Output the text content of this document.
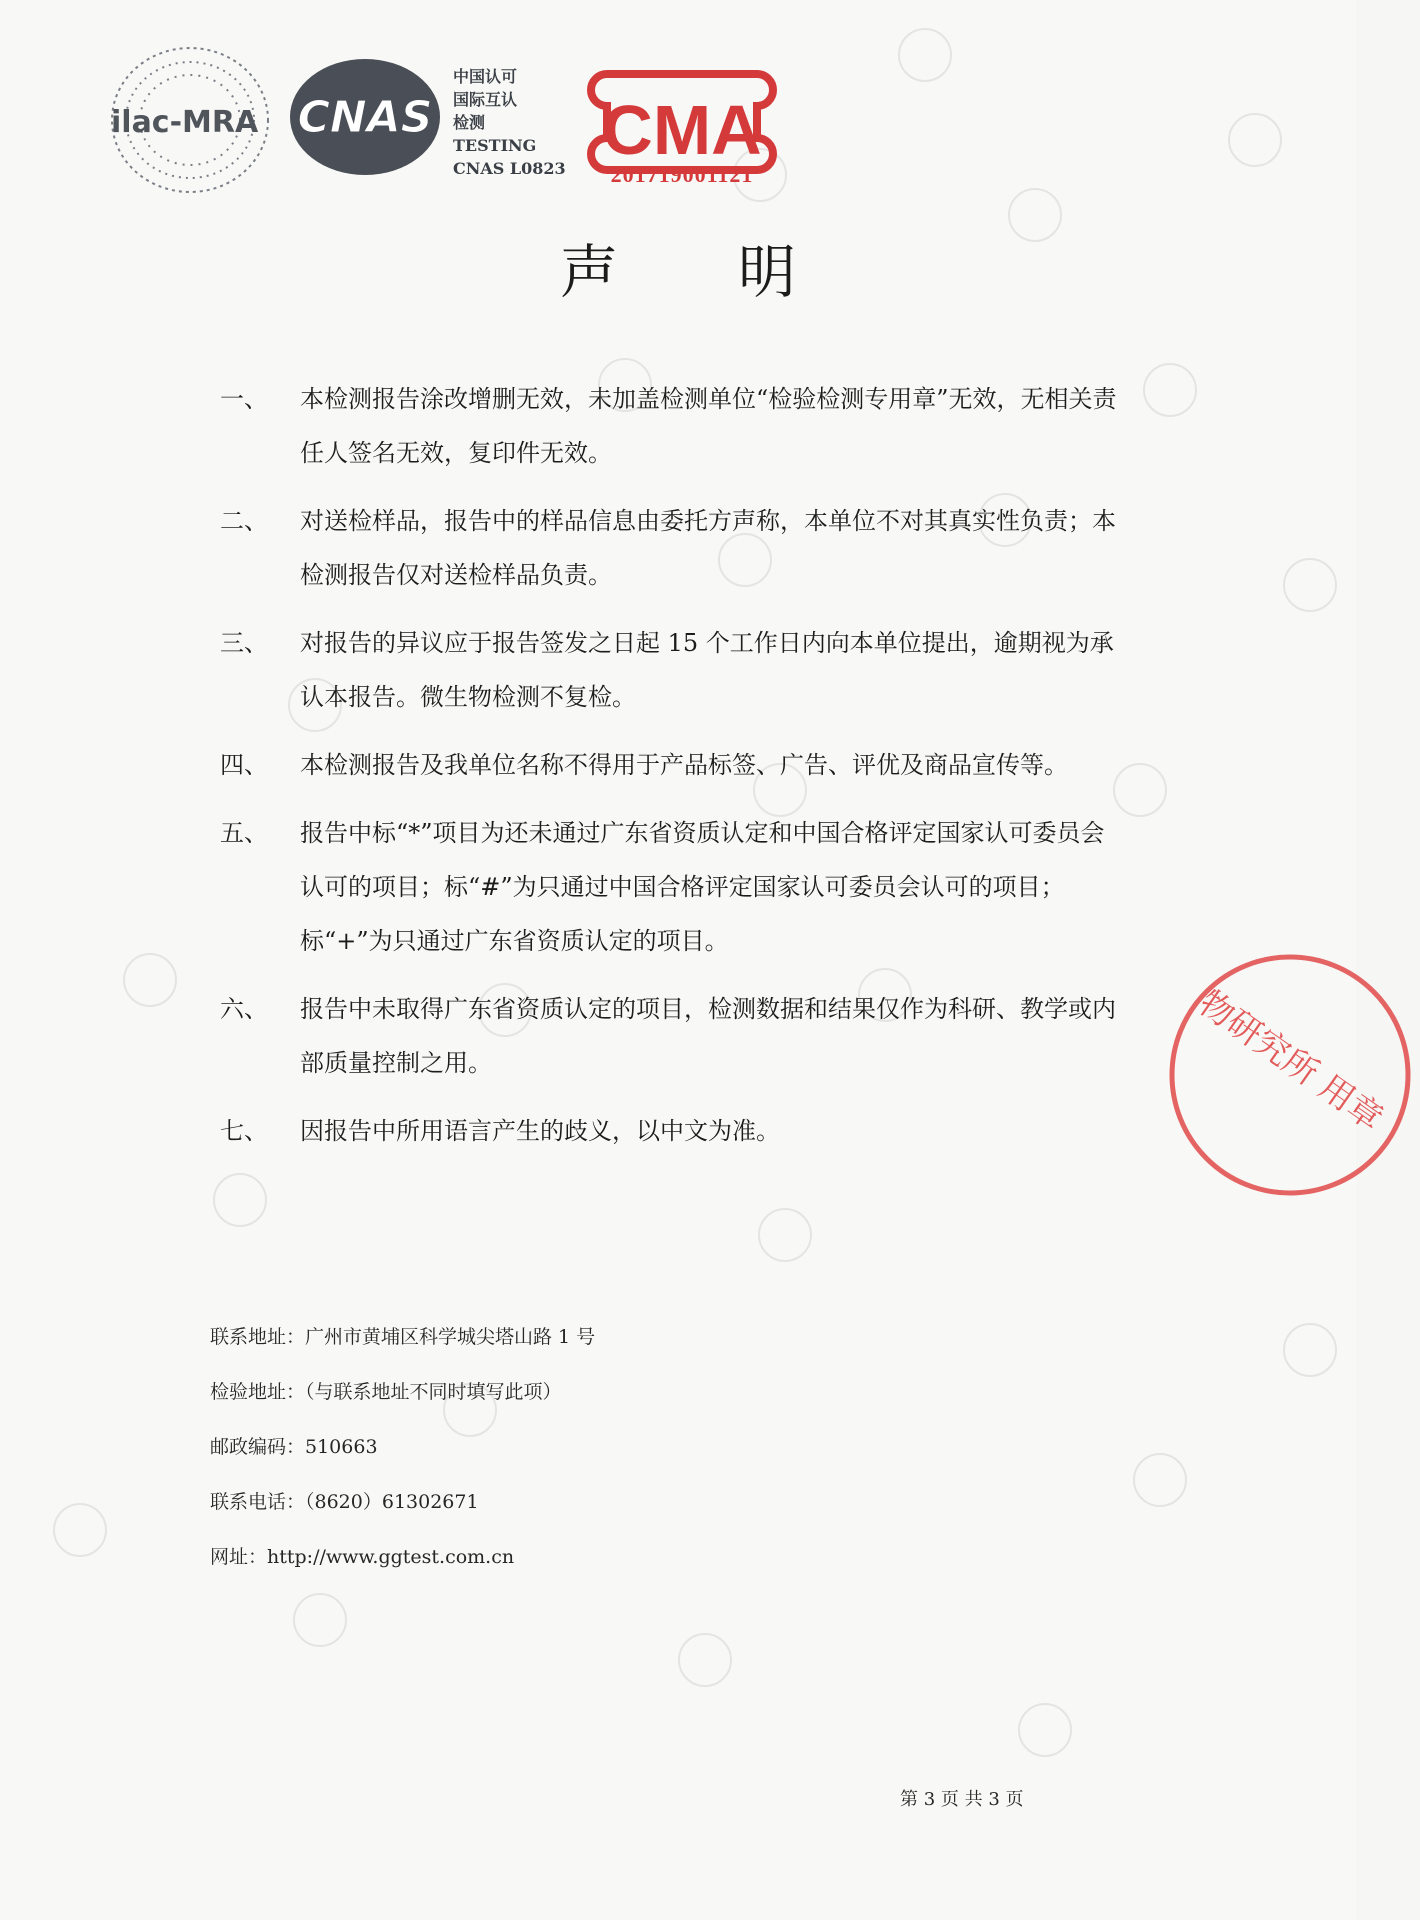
ilac-MRA CNAS
中国认可
国际互认
检测
TESTING
CNAS L0823 CMA
201719001121
声 明
一、	本检测报告涂改增删无效，未加盖检测单位“检验检测专用章”无效，无相关责任人签名无效，复印件无效。
二、	对送检样品，报告中的样品信息由委托方声称，本单位不对其真实性负责；本检测报告仅对送检样品负责。
三、	对报告的异议应于报告签发之日起 15 个工作日内向本单位提出，逾期视为承认本报告。微生物检测不复检。
四、	本检测报告及我单位名称不得用于产品标签、广告、评优及商品宣传等。
五、	报告中标“*”项目为还未通过广东省资质认定和中国合格评定国家认可委员会认可的项目；标“#”为只通过中国合格评定国家认可委员会认可的项目；标“+”为只通过广东省资质认定的项目。
六、	报告中未取得广东省资质认定的项目，检测数据和结果仅作为科研、教学或内部质量控制之用。
七、	因报告中所用语言产生的歧义，以中文为准。	物研究所 用章
联系地址：广州市黄埔区科学城尖塔山路 1 号
检验地址：（与联系地址不同时填写此项）
邮政编码：510663
联系电话：（8620）61302671
网址：http://www.ggtest.com.cn
第 3 页 共 3 页
